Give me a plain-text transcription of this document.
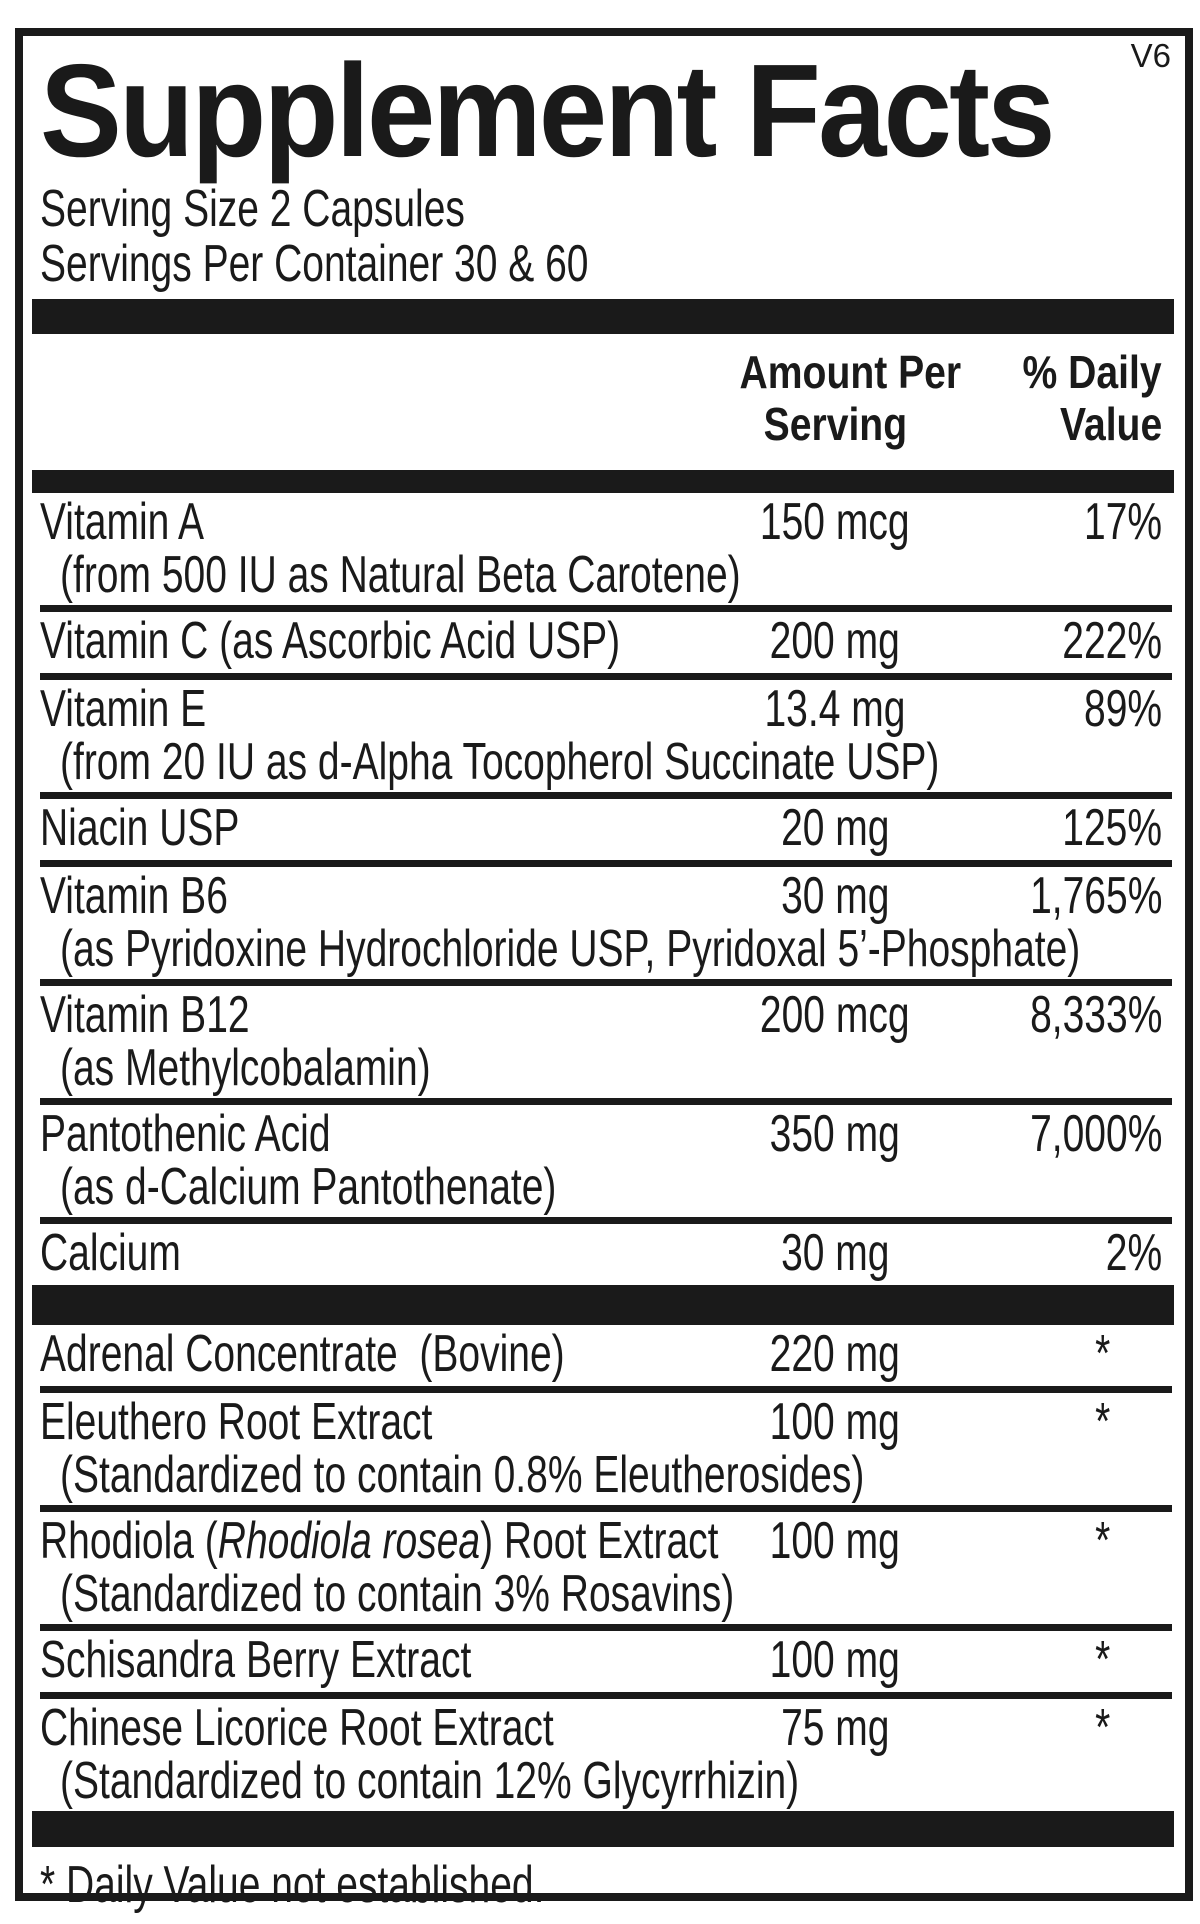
V6
Supplement Facts
Serving Size 2 Capsules
Servings Per Container 30 & 60
Amount Per
Serving
% Daily
Value
Vitamin A	150 mcg	17%
(from 500 IU as Natural Beta Carotene)
Vitamin C (as Ascorbic Acid USP)	200 mg	222%
Vitamin E	13.4 mg	89%
(from 20 IU as d-Alpha Tocopherol Succinate USP)
Niacin USP	20 mg	125%
Vitamin B6	30 mg	1,765%
(as Pyridoxine Hydrochloride USP, Pyridoxal 5’-Phosphate)
Vitamin B12	200 mcg	8,333%
(as Methylcobalamin)
Pantothenic Acid	350 mg	7,000%
(as d-Calcium Pantothenate)
Calcium	30 mg	2%
Adrenal Concentrate  (Bovine)	220 mg	*
Eleuthero Root Extract	100 mg	*
(Standardized to contain 0.8% Eleutherosides)
Rhodiola (Rhodiola rosea) Root Extract 100 mg	*
(Standardized to contain 3% Rosavins)
Schisandra Berry Extract	100 mg	*
Chinese Licorice Root Extract	75 mg	*
(Standardized to contain 12% Glycyrrhizin)
* Daily Value not established.
